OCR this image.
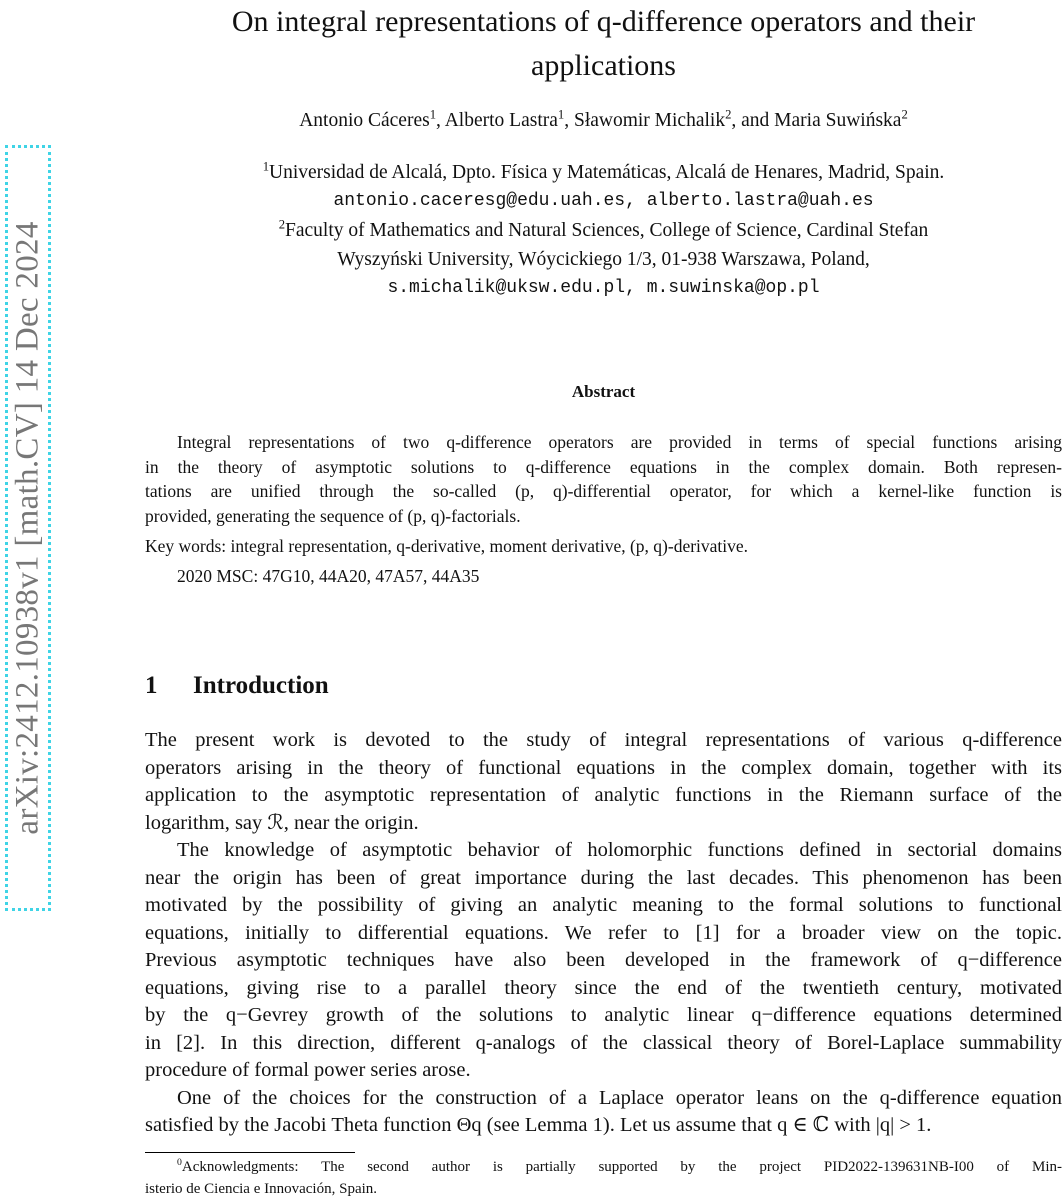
arXiv:2412.10938v1 [math.CV] 14 Dec 2024
On integral representations of q-difference operators and their
applications
Antonio Cáceres$^1$, Alberto Lastra$^1$, Sławomir Michalik$^2$, and Maria Suwińska$^2$
$^1$Universidad de Alcalá, Dpto. Física y Matemáticas, Alcalá de Henares, Madrid, Spain.
antonio.caceresg@edu.uah.es, alberto.lastra@uah.es
$^2$Faculty of Mathematics and Natural Sciences, College of Science, Cardinal Stefan
Wyszyński University, Wóycickiego 1/3, 01-938 Warszawa, Poland,
s.michalik@uksw.edu.pl, m.suwinska@op.pl
Abstract
Integral representations of two q-difference operators are provided in terms of special functions arising
in the theory of asymptotic solutions to q-difference equations in the complex domain. Both represen-
tations are unified through the so-called (p, q)-differential operator, for which a kernel-like function is
provided, generating the sequence of (p, q)-factorials.
Key words: integral representation, q-derivative, moment derivative, (p, q)-derivative.
2020 MSC: 47G10, 44A20, 47A57, 44A35
1 Introduction
The present work is devoted to the study of integral representations of various q-difference
operators arising in the theory of functional equations in the complex domain, together with its
application to the asymptotic representation of analytic functions in the Riemann surface of the
logarithm, say ℛ, near the origin.
The knowledge of asymptotic behavior of holomorphic functions defined in sectorial domains
near the origin has been of great importance during the last decades. This phenomenon has been
motivated by the possibility of giving an analytic meaning to the formal solutions to functional
equations, initially to differential equations. We refer to [1] for a broader view on the topic.
Previous asymptotic techniques have also been developed in the framework of q−difference
equations, giving rise to a parallel theory since the end of the twentieth century, motivated
by the q−Gevrey growth of the solutions to analytic linear q−difference equations determined
in [2]. In this direction, different q-analogs of the classical theory of Borel-Laplace summability
procedure of formal power series arose.
One of the choices for the construction of a Laplace operator leans on the q-difference equation
satisfied by the Jacobi Theta function Θq (see Lemma 1). Let us assume that q ∈ ℂ with |q| > 1.
$^0$Acknowledgments: The second author is partially supported by the project PID2022-139631NB-I00 of Min-
isterio de Ciencia e Innovación, Spain.
